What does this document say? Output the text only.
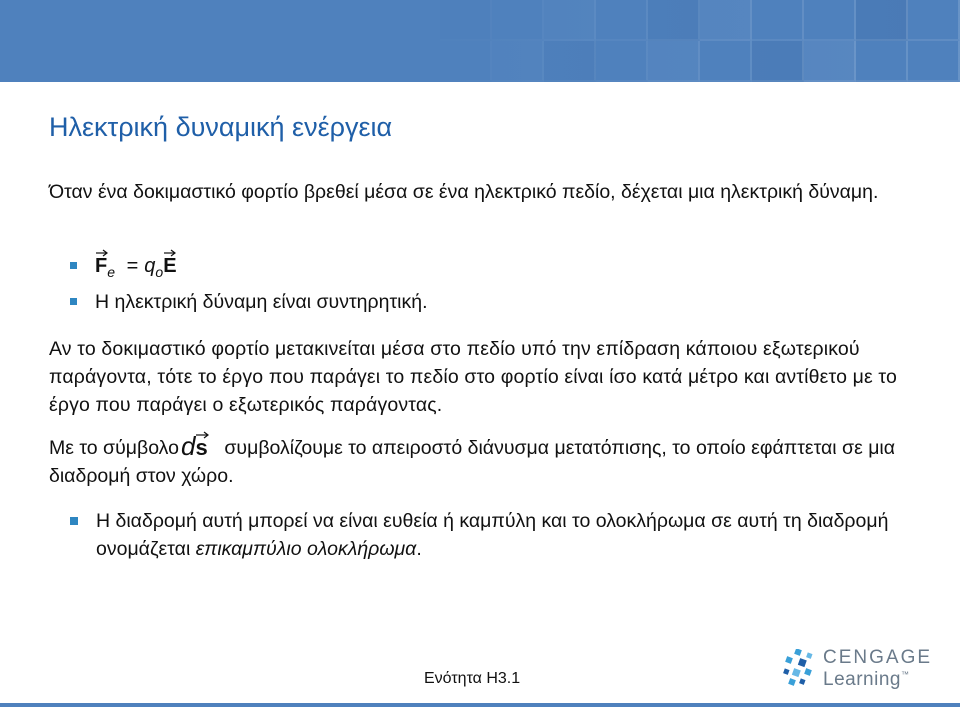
Ηλεκτρική δυναμική ενέργεια

Όταν ένα δοκιμαστικό φορτίο βρεθεί μέσα σε ένα ηλεκτρικό πεδίο, δέχεται μια ηλεκτρική δύναμη.

$F_e = q_o$
E
Η ηλεκτρική δύναμη είναι συντηρητική.

Αν το δοκιμαστικό φορτίο μετακινείται μέσα στο πεδίο υπό την επίδραση κάποιου εξωτερικού παράγοντα, τότε το έργο που παράγει το πεδίο στο φορτίο είναι ίσο κατά μέτρο και αντίθετο με το έργο που παράγει ο εξωτερικός παράγοντας.

Με το σύμβολοd
s συμβολίζουμε το απειροστό διάνυσμα μετατόπισης, το οποίο εφάπτεται σε μια διαδρομή στον χώρο.

Η διαδρομή αυτή μπορεί να είναι ευθεία ή καμπύλη και το ολοκλήρωμα σε αυτή τη διαδρομή ονομάζεται επικαμπύλιο ολοκλήρωμα.
Ενότητα Η3.1
CENGAGE
Learning™
